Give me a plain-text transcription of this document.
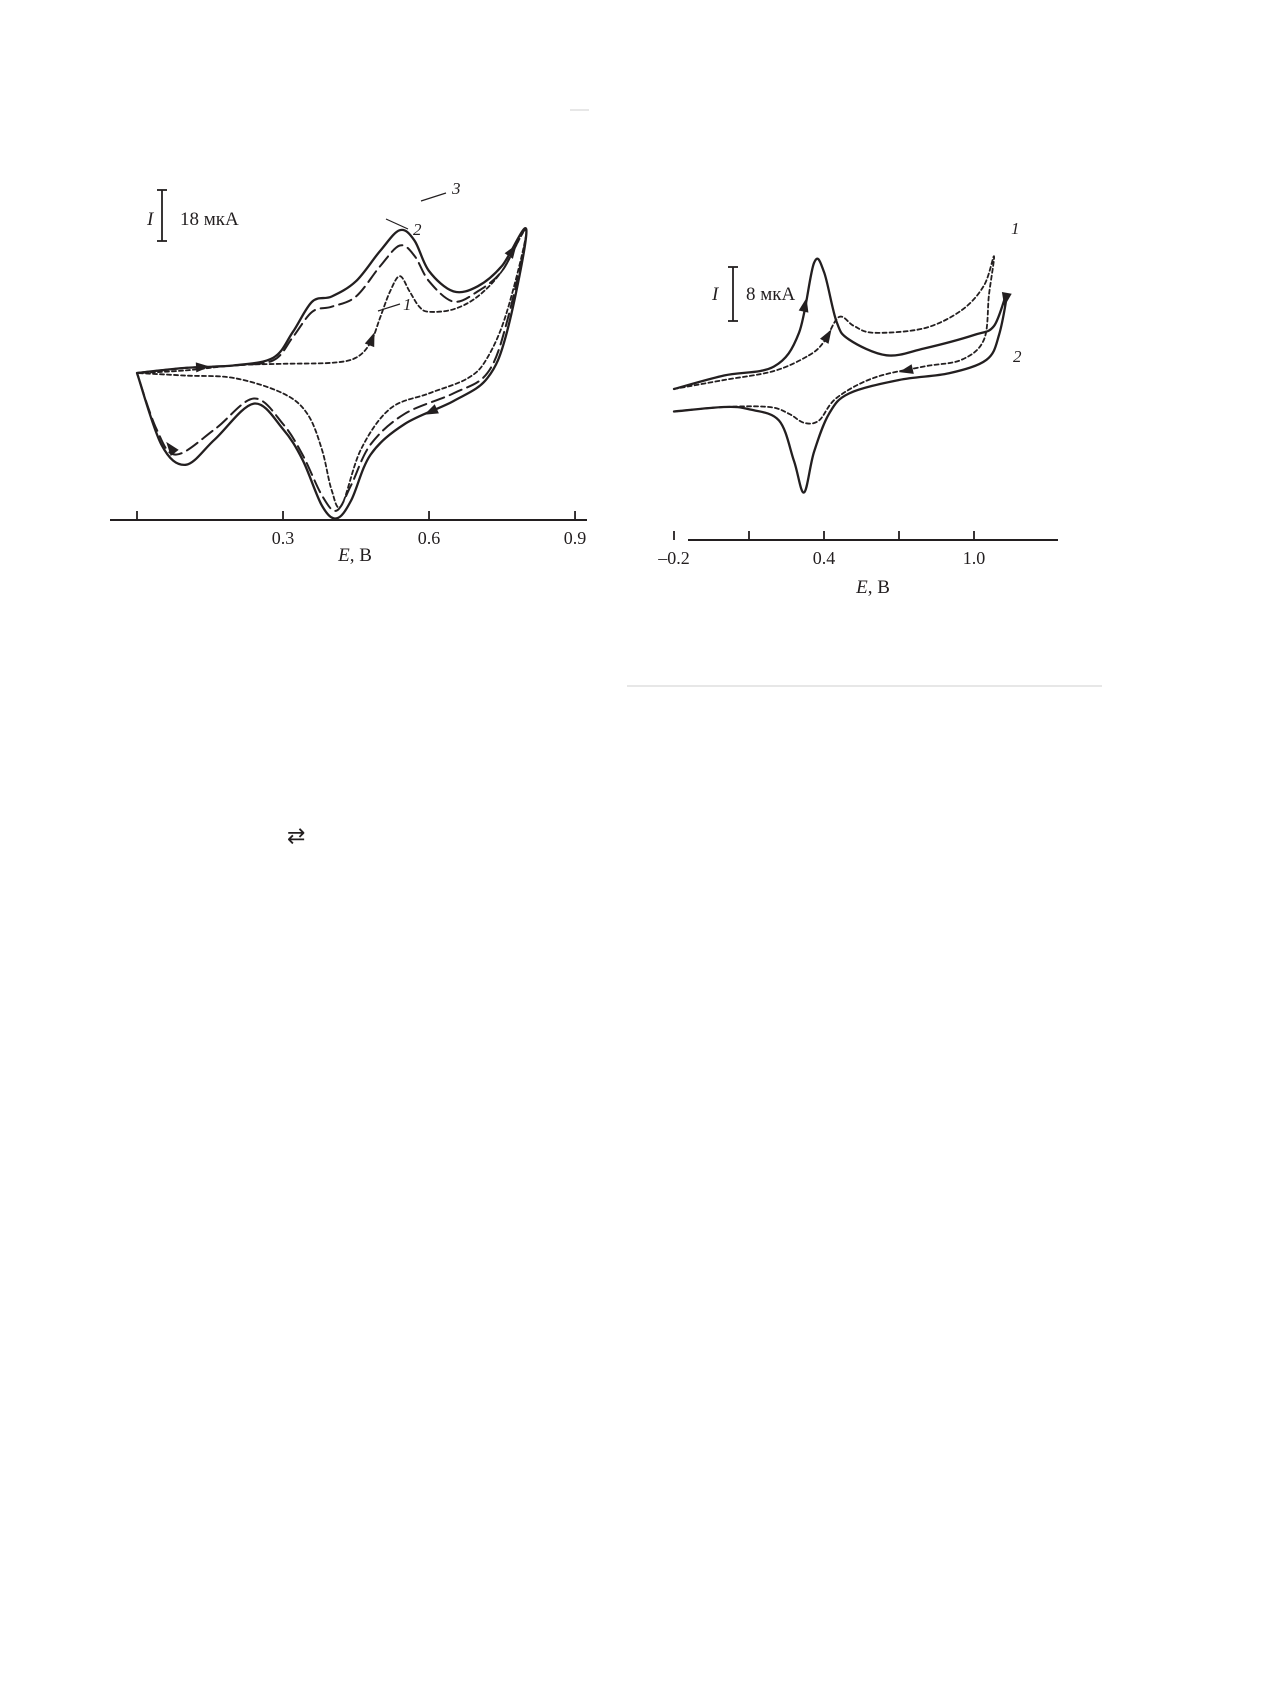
0.3	0.6	0.9
E, В
I 18 мкА
1
2
3
–0.2	0.4	1.0
E, В
I 8 мкА
1
2
⇄
